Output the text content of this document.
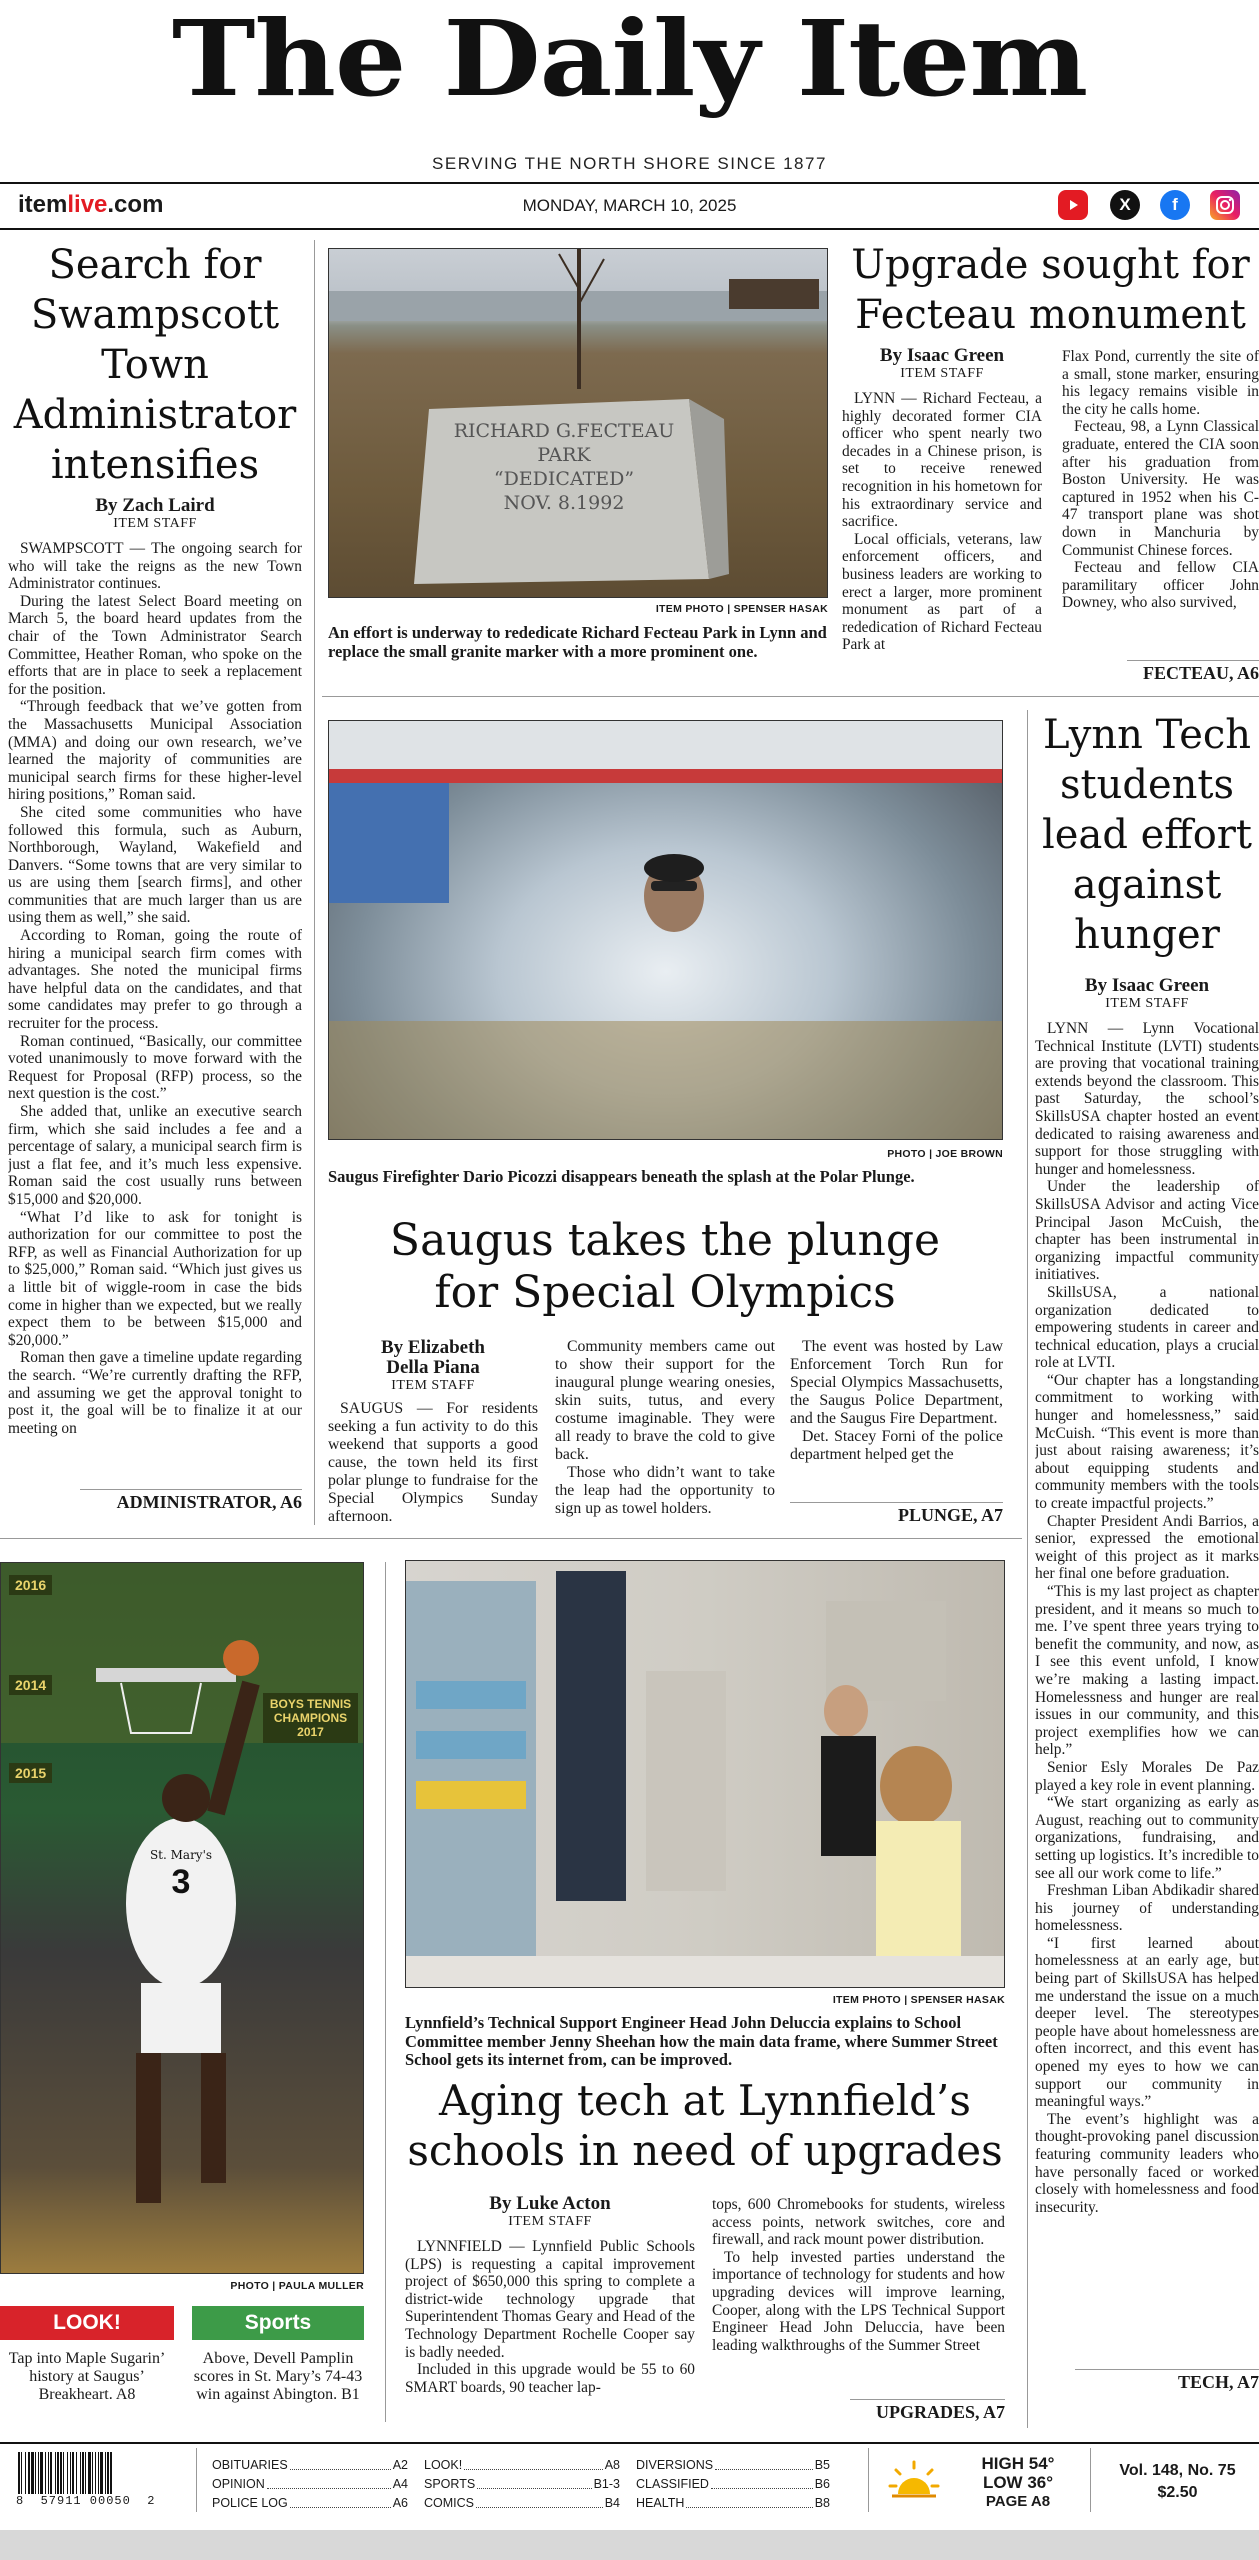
The Daily Item
SERVING THE NORTH SHORE SINCE 1877
itemlive.com	MONDAY, MARCH 10, 2025	X	f
Search for Swampscott Town Administrator intensifies
By Zach Laird
ITEM STAFF

SWAMPSCOTT — The ongoing search for who will take the reigns as the new Town Administrator continues.

During the latest Select Board meeting on March 5, the board heard updates from the chair of the Town Administrator Search Committee, Heather Roman, who spoke on the efforts that are in place to seek a replacement for the position.

“Through feedback that we’ve gotten from the Massachusetts Municipal Association (MMA) and doing our own research, we’ve learned the majority of communities are municipal search firms for these higher-level hiring positions,” Roman said.

She cited some communities who have followed this formula, such as Auburn, Northborough, Wayland, Wakefield and Danvers. “Some towns that are very similar to us are using them [search firms], and other communities that are much larger than us are using them as well,” she said.

According to Roman, going the route of hiring a municipal search firm comes with advantages. She noted the municipal firms have helpful data on the candidates, and that some candidates may prefer to go through a recruiter for the process.

Roman continued, “Basically, our committee voted unanimously to move forward with the Request for Proposal (RFP) process, so the next question is the cost.”

She added that, unlike an executive search firm, which she said includes a fee and a percentage of salary, a municipal search firm is just a flat fee, and it’s much less expensive. Roman said the cost usually runs between $15,000 and $20,000.

“What I’d like to ask for tonight is authorization for our committee to post the RFP, as well as Financial Authorization for up to $25,000,” Roman said. “Which just gives us a little bit of wiggle-room in case the bids come in higher than we expected, but we really expect them to be between $15,000 and $20,000.”

Roman then gave a timeline update regarding the search. “We’re currently drafting the RFP, and assuming we get the approval tonight to post it, the goal will be to finalize it at our meeting on

ADMINISTRATOR, A6
RICHARD G.FECTEAU
PARK
“DEDICATED”
NOV. 8.1992
ITEM PHOTO | SPENSER HASAK
An effort is underway to rededicate Richard Fecteau Park in Lynn and replace the small granite marker with a more prominent one.
Upgrade sought for Fecteau monument
By Isaac Green
ITEM STAFF

LYNN — Richard Fecteau, a highly decorated former CIA officer who spent nearly two decades in a Chinese prison, is set to receive renewed recognition in his hometown for his extraordinary service and sacrifice.

Local officials, veterans, law enforcement officers, and business leaders are working to erect a larger, more prominent monument as part of a rededication of Richard Fecteau Park at

Flax Pond, currently the site of a small, stone marker, ensuring his legacy remains visible in the city he calls home.

Fecteau, 98, a Lynn Classical graduate, entered the CIA soon after his graduation from Boston University. He was captured in 1952 when his C-47 transport plane was shot down in Manchuria by Communist Chinese forces.

Fecteau and fellow CIA paramilitary officer John Downey, who also survived,

FECTEAU, A6
PHOTO | JOE BROWN
Saugus Firefighter Dario Picozzi disappears beneath the splash at the Polar Plunge.
Saugus takes the plunge for Special Olympics
By Elizabeth
Della Piana
ITEM STAFF

SAUGUS — For residents seeking a fun activity to do this weekend that supports a good cause, the town held its first polar plunge to fundraise for the Special Olympics Sunday afternoon.

Community members came out to show their support for the inaugural plunge wearing onesies, skin suits, tutus, and every costume imaginable. They were all ready to brave the cold to give back.

Those who didn’t want to take the leap had the opportunity to sign up as towel holders.

The event was hosted by Law Enforcement Torch Run for Special Olympics Massachusetts, the Saugus Police Department, and the Saugus Fire Department.

Det. Stacey Forni of the police department helped get the

PLUNGE, A7
Lynn Tech students lead effort against hunger
By Isaac Green
ITEM STAFF

LYNN — Lynn Vocational Technical Institute (LVTI) students are proving that vocational training extends beyond the classroom. This past Saturday, the school’s SkillsUSA chapter hosted an event dedicated to raising awareness and support for those struggling with hunger and homelessness.

Under the leadership of SkillsUSA Advisor and acting Vice Principal Jason McCuish, the chapter has been instrumental in organizing impactful community initiatives.

SkillsUSA, a national organization dedicated to empowering students in career and technical education, plays a crucial role at LVTI.

“Our chapter has a longstanding commitment to working with hunger and homelessness,” said McCuish. “This event is more than just about raising awareness; it’s about equipping students and community members with the tools to create impactful projects.”

Chapter President Andi Barrios, a senior, expressed the emotional weight of this project as it marks her final one before graduation.

“This is my last project as chapter president, and it means so much to me. I’ve spent three years trying to benefit the community, and now, as I see this event unfold, I know we’re making a lasting impact. Homelessness and hunger are real issues in our community, and this project exemplifies how we can help.”

Senior Esly Morales De Paz played a key role in event planning.

“We start organizing as early as August, reaching out to community organizations, fundraising, and setting up logistics. It’s incredible to see all our work come to life.”

Freshman Liban Abdikadir shared his journey of understanding homelessness.

“I first learned about homelessness at an early age, but being part of SkillsUSA has helped me understand the issue on a much deeper level. The stereotypes people have about homelessness are often incorrect, and this event has opened my eyes to how we can support our community in meaningful ways.”

The event’s highlight was a thought-provoking panel discussion featuring community leaders who have personally faced or worked closely with homelessness and food insecurity.

TECH, A7
2016
2014
2015
BOYS TENNIS CHAMPIONS 2017
St. Mary's
3
PHOTO | PAULA MULLER
LOOK!
Tap into Maple Sugarin’ history at Saugus’ Breakheart. A8
Sports
Above, Devell Pamplin scores in St. Mary’s 74-43 win against Abington. B1
ITEM PHOTO | SPENSER HASAK
Lynnfield’s Technical Support Engineer Head John Deluccia explains to School Committee member Jenny Sheehan how the main data frame, where Summer Street School gets its internet from, can be improved.
Aging tech at Lynnfield’s schools in need of upgrades
By Luke Acton
ITEM STAFF

LYNNFIELD — Lynnfield Public Schools (LPS) is requesting a capital improvement project of $650,000 this spring to complete a district-wide technology upgrade that Superintendent Thomas Geary and Head of the Technology Department Rochelle Cooper say is badly needed.

Included in this upgrade would be 55 to 60 SMART boards, 90 teacher lap-

tops, 600 Chromebooks for students, wireless access points, network switches, core and firewall, and rack mount power distribution.

To help invested parties understand the importance of technology for students and how upgrading devices will improve learning, Cooper, along with the LPS Technical Support Engineer Head John Deluccia, have been leading walkthroughs of the Summer Street

UPGRADES, A7
8  57911 00050  2
OBITUARIES	A2
OPINION	A4
POLICE LOG	A6
LOOK!	A8
SPORTS	B1-3
COMICS	B4
DIVERSIONS	B5
CLASSIFIED	B6
HEALTH	B8
HIGH 54°
LOW 36°
PAGE A8
Vol. 148, No. 75
$2.50
